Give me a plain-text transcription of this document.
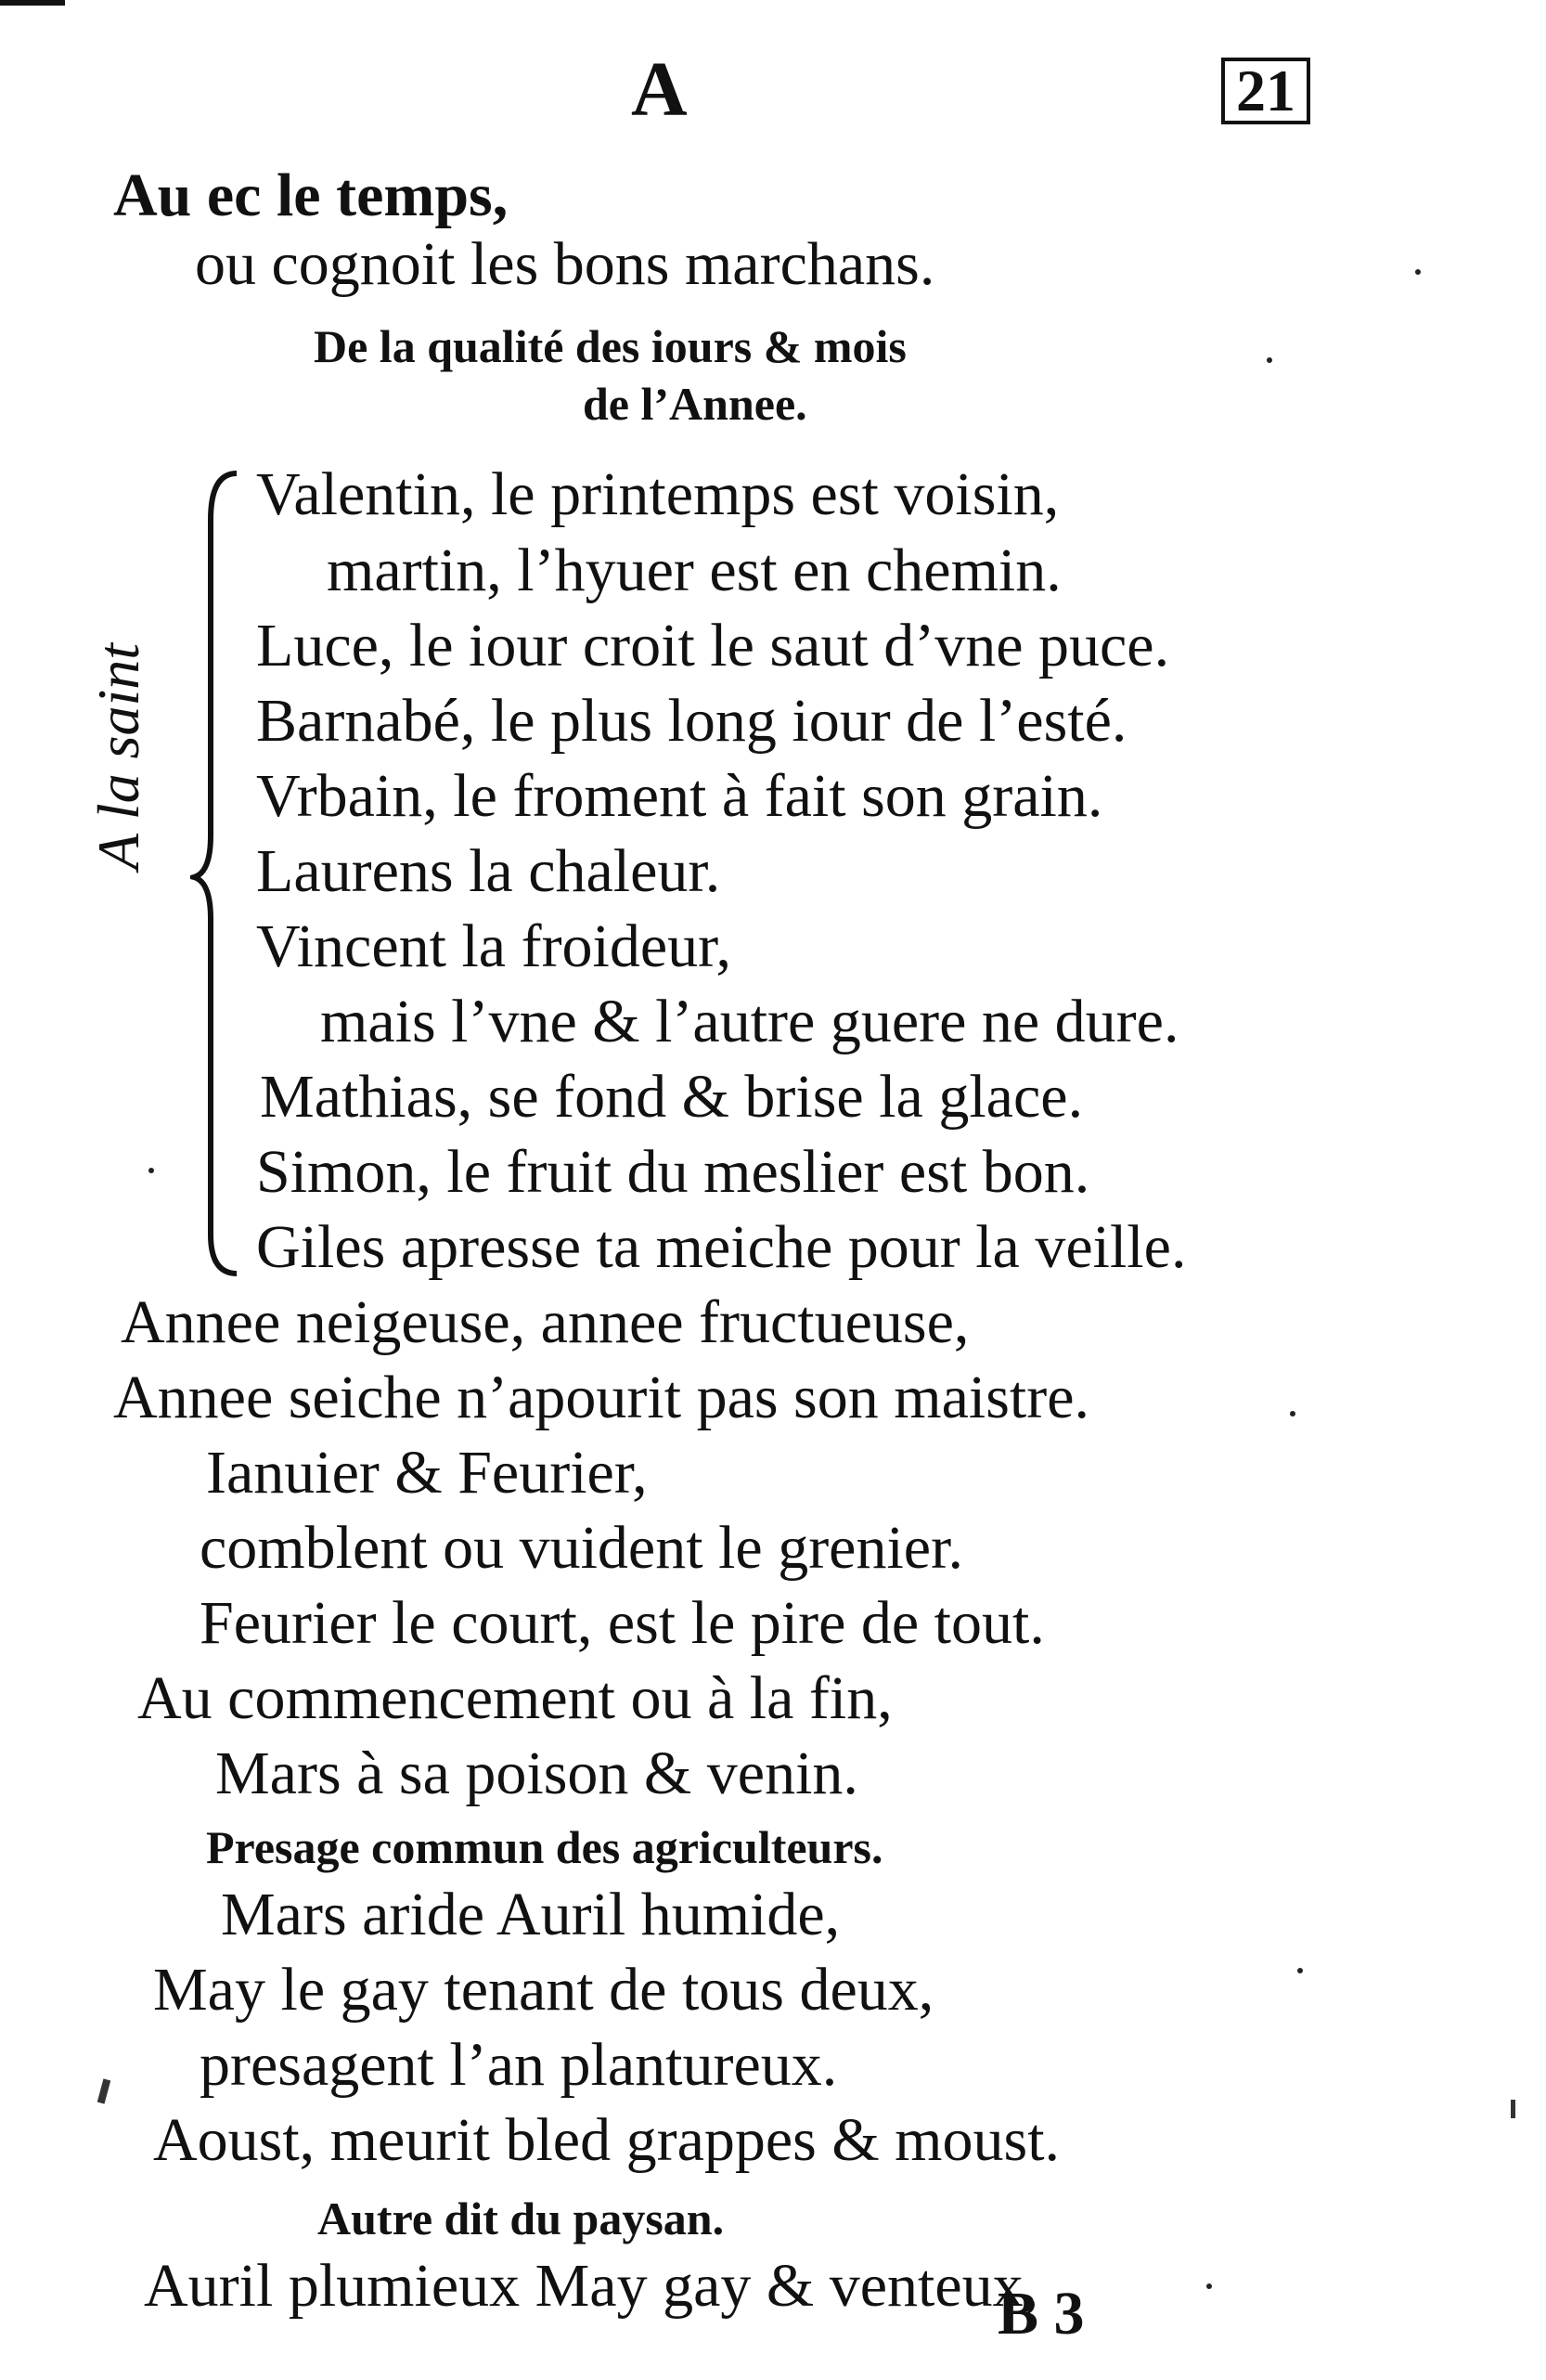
A	21
Au ec le temps,
ou cognoit les bons marchans.
De la qualité des iours & mois
de l’Annee.
Valentin, le printemps est voisin,
martin, l’hyuer est en chemin.
Luce, le iour croit le saut d’vne puce.
Barnabé, le plus long iour de l’esté.
Vrbain, le froment à fait son grain.
Laurens la chaleur.
Vincent la froideur,
mais l’vne & l’autre guere ne dure.
Mathias, se fond & brise la glace.
Simon, le fruit du meslier est bon.
Giles apresse ta meiche pour la veille.
A la saint
Annee neigeuse, annee fructueuse,
Annee seiche n’apourit pas son maistre.
Ianuier & Feurier,
comblent ou vuident le grenier.
Feurier le court, est le pire de tout.
Au commencement ou à la fin,
Mars à sa poison & venin.
Presage commun des agriculteurs.
Mars aride Auril humide,
May le gay tenant de tous deux,
presagent l’an plantureux.
Aoust, meurit bled grappes & moust.
Autre dit du paysan.
Auril plumieux May gay & venteux,
B 3
